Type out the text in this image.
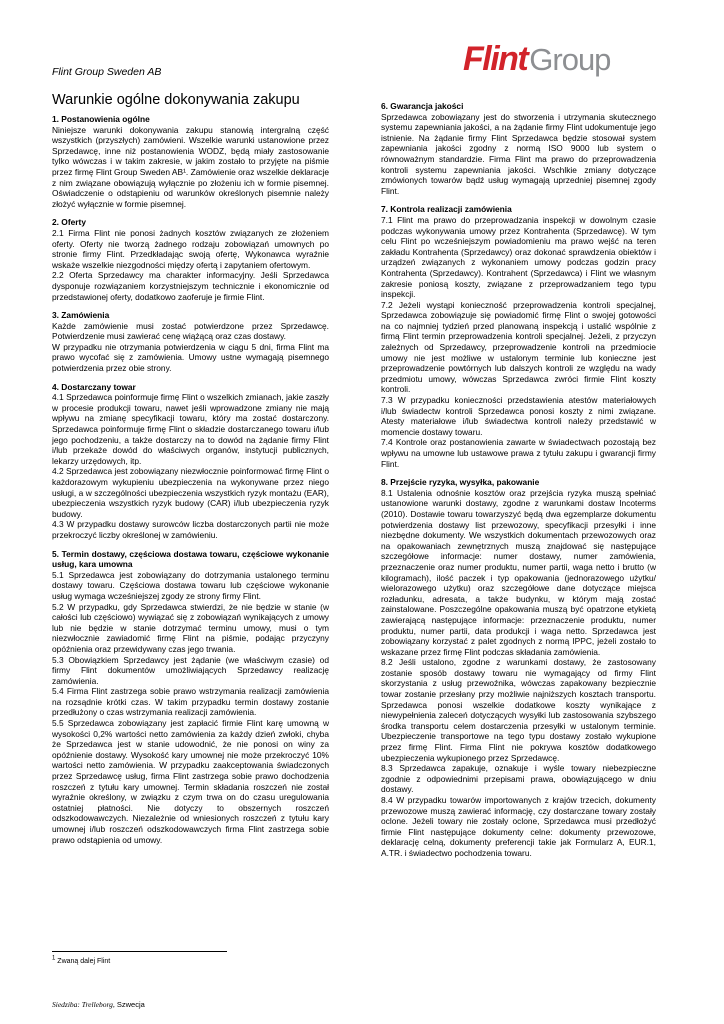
Flint Group Sweden AB	FlintGroup
Warunkie ogólne dokonywania zakupu
1. Postanowienia ogólne

Niniejsze warunki dokonywania zakupu stanowią intergralną część wszystkich (przyszłych) zamówieni. Wszelkie warunki ustanowione przez Sprzedawcę, inne niż postanowienia WODZ, będą miały zastosowanie tylko wówczas i w takim zakresie, w jakim zostało to przyjęte na piśmie przez firmę Flint Group Sweden AB¹. Zamówienie oraz wszelkie deklaracje z nim związane obowiązują wyłącznie po złożeniu ich w formie pisemnej. Oświadczenie o odstąpieniu od warunków określonych pisemnie należy złożyć wyłącznie w formie pisemnej.

2. Oferty

2.1 Firma Flint nie ponosi żadnych kosztów związanych ze złożeniem oferty. Oferty nie tworzą żadnego rodzaju zobowiązań umownych po stronie firmy Flint. Przedkładając swoją ofertę, Wykonawca wyraźnie wskaże wszelkie niezgodności między ofertą i zapytaniem ofertowym.
2.2 Oferta Sprzedawcy ma charakter informacyjny. Jeśli Sprzedawca dysponuje rozwiązaniem korzystniejszym technicznie i ekonomicznie od przedstawionej oferty, dodatkowo zaoferuje je firmie Flint.

3. Zamówienia

Każde zamówienie musi zostać potwierdzone przez Sprzedawcę. Potwierdzenie musi zawierać cenę wiążącą oraz czas dostawy.
W przypadku nie otrzymania potwierdzenia w ciągu 5 dni, firma Flint ma prawo wycofać się z zamówienia. Umowy ustne wymagają pisemnego potwierdzenia przez obie strony.

4. Dostarczany towar

4.1 Sprzedawca poinformuje firmę Flint o wszelkich zmianach, jakie zaszły w procesie produkcji towaru, nawet jeśli wprowadzone zmiany nie mają wpływu na zmianę specyfikacji towaru, który ma zostać dostarczony. Sprzedawca poinformuje firmę Flint o składzie dostarczanego towaru i/lub jego pochodzeniu, a także dostarczy na to dowód na żądanie firmy Flint i/lub przekaże dowód do właściwych organów, instytucji publicznych, lekarzy urzędowych, itp.
4.2 Sprzedawca jest zobowiązany niezwłocznie poinformować firmę Flint o każdorazowym wykupieniu ubezpieczenia na wykonywane przez niego usługi, a w szczególności ubezpieczenia wszystkich ryzyk montażu (EAR), ubezpieczenia wszystkich ryzyk budowy (CAR) i/lub ubezpieczenia ryzyk budowy.
4.3 W przypadku dostawy surowców liczba dostarczonych partii nie może przekroczyć liczby określonej w zamówieniu.

5. Termin dostawy, częściowa dostawa towaru, częściowe wykonanie usług, kara umowna

5.1 Sprzedawca jest zobowiązany do dotrzymania ustalonego terminu dostawy towaru. Częściowa dostawa towaru lub częściowe wykonanie usług wymaga wcześniejszej zgody ze strony firmy Flint.
5.2 W przypadku, gdy Sprzedawca stwierdzi, że nie będzie w stanie (w całości lub częściowo) wywiązać się z zobowiązań wynikających z umowy lub nie będzie w stanie dotrzymać terminu umowy, musi o tym niezwłocznie zawiadomić firmę Flint na piśmie, podając przyczyny opóźnienia oraz przewidywany czas jego trwania.
5.3 Obowiązkiem Sprzedawcy jest żądanie (we właściwym czasie) od firmy Flint dokumentów umożliwiających Sprzedawcy realizację zamówienia.
5.4 Firma Flint zastrzega sobie prawo wstrzymania realizacji zamówienia na rozsądnie krótki czas. W takim przypadku termin dostawy zostanie przedłużony o czas wstrzymania realizacji zamówienia.
5.5 Sprzedawca zobowiązany jest zapłacić firmie Flint karę umowną w wysokości 0,2% wartości netto zamówienia za każdy dzień zwłoki, chyba że Sprzedawca jest w stanie udowodnić, że nie ponosi on winy za opóźnienie dostawy. Wysokość kary umownej nie może przekroczyć 10% wartości netto zamówienia. W przypadku zaakceptowania świadczonych przez Sprzedawcę usług, firma Flint zastrzega sobie prawo dochodzenia roszczeń z tytułu kary umownej. Termin składania roszczeń nie został wyraźnie określony, w związku z czym trwa on do czasu uregulowania ostatniej płatności. Nie dotyczy to obszernych roszczeń odszkodowawczych. Niezależnie od wniesionych roszczeń z tytułu kary umownej i/lub roszczeń odszkodowawczych firma Flint zastrzega sobie prawo odstąpienia od umowy.

6. Gwarancja jakości

Sprzedawca zobowiązany jest do stworzenia i utrzymania skutecznego systemu zapewniania jakości, a na żądanie firmy Flint udokumentuje jego istnienie. Na żądanie firmy Flint Sprzedawca będzie stosował system zapewniania jakości zgodny z normą ISO 9000 lub system o równoważnym standardzie. Firma Flint ma prawo do przeprowadzenia kontroli systemu zapewniania jakości. Wschlkie zmiany dotyczące zmówionych towarów bądź usług wymagają uprzedniej pisemnej zgody Flint.

7. Kontrola realizacji zamówienia

7.1 Flint ma prawo do przeprowadzania inspekcji w dowolnym czasie podczas wykonywania umowy przez Kontrahenta (Sprzedawcę). W tym celu Flint po wcześniejszym powiadomieniu ma prawo wejść na teren zakładu Kontrahenta (Sprzedawcy) oraz dokonać sprawdzenia obiektów i urządzeń związanych z wykonaniem umowy podczas godzin pracy Kontrahenta (Sprzedawcy). Kontrahent (Sprzedawca) i Flint we własnym zakresie poniosą koszty, związane z przeprowadzaniem tego typu inspekcji.
7.2 Jeżeli wystąpi konieczność przeprowadzenia kontroli specjalnej, Sprzedawca zobowiązuje się powiadomić firmę Flint o swojej gotowości na co najmniej tydzień przed planowaną inspekcją i ustalić wspólnie z firmą Flint termin przeprowadzenia kontroli specjalnej. Jeżeli, z przyczyn zależnych od Sprzedawcy, przeprowadzenie kontroli na przedmiocie umowy nie jest możliwe w ustalonym terminie lub konieczne jest przeprowadzenie powtórnych lub dalszych kontroli ze względu na wady przedmiotu umowy, wówczas Sprzedawca zwróci firmie Flint koszty kontroli.
7.3 W przypadku konieczności przedstawienia atestów materiałowych i/lub świadectw kontroli Sprzedawca ponosi koszty z nimi związane. Atesty materiałowe i/lub świadectwa kontroli należy przedstawić w momencie dostawy towaru.
7.4 Kontrole oraz postanowienia zawarte w świadectwach pozostają bez wpływu na umowne lub ustawowe prawa z tytułu zakupu i gwarancji firmy Flint.

8. Przejście ryzyka, wysyłka, pakowanie

8.1 Ustalenia odnośnie kosztów oraz przejścia ryzyka muszą spełniać ustanowione warunki dostawy, zgodne z warunkami dostaw Incoterms (2010). Dostawie towaru towarzyszyć będą dwa egzemplarze dokumentu potwierdzenia dostawy list przewozowy, specyfikacji przesyłki i inne niezbędne dokumenty. We wszystkich dokumentach przewozowych oraz na opakowaniach zewnętrznych muszą znajdować się następujące szczegółowe informacje: numer dostawy, numer zamówienia, przeznaczenie oraz numer produktu, numer partii, waga netto i brutto (w kilogramach), ilość paczek i typ opakowania (jednorazowego użytku/ wielorazowego użytku) oraz szczegółowe dane dotyczące miejsca rozładunku, adresata, a także budynku, w którym mają zostać zainstalowane. Poszczególne opakowania muszą być opatrzone etykietą zawierającą następujące informacje: przeznaczenie produktu, numer produktu, numer partii, data produkcji i waga netto. Sprzedawca jest zobowiązany korzystać z palet zgodnych z normą IPPC, jeżeli zostało to wskazane przez firmę Flint podczas składania zamówienia.
8.2 Jeśli ustalono, zgodne z warunkami dostawy, że zastosowany zostanie sposób dostawy towaru nie wymagający od firmy Flint skorzystania z usług przewoźnika, wówczas zapakowany bezpiecznie towar zostanie przesłany przy możliwie najniższych kosztach transportu. Sprzedawca ponosi wszelkie dodatkowe koszty wynikające z niewypełnienia zaleceń dotyczących wysyłki lub zastosowania szybszego środka transportu celem dostarczenia przesyłki w ustalonym terminie. Ubezpieczenie transportowe na tego typu dostawy zostało wykupione przez firmę Flint. Firma Flint nie pokrywa kosztów dodatkowego ubezpieczenia wykupionego przez Sprzedawcę.
8.3 Sprzedawca zapakuje, oznakuje i wyśle towary niebezpieczne zgodnie z odpowiednimi przepisami prawa, obowiązującego w dniu dostawy.
8.4 W przypadku towarów importowanych z krajów trzecich, dokumenty przewozowe muszą zawierać informację, czy dostarczane towary zostały oclone. Jeżeli towary nie zostały oclone, Sprzedawca musi przedłożyć firmie Flint następujące dokumenty celne: dokumenty przewozowe, deklarację celną, dokumenty preferencji takie jak Formularz A, EUR.1, A.TR. i świadectwo pochodzenia towaru.

$^1$ Zwaną dalej Flint
Siedziba: Trelleborg, Szwecja
